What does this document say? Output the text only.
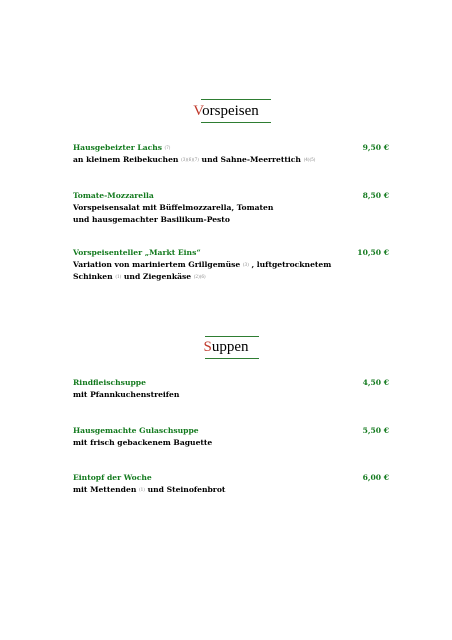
Vorspeisen
Hausgebeizter Lachs (7)	9,50 €
an kleinem Reibekuchen (3)(6)(7) und Sahne-Meerrettich (4)(5)
Tomate-Mozzarella	8,50 €
Vorspeisensalat mit Büffelmozzarella, Tomaten
und hausgemachter Basilikum-Pesto
Vorspeisenteller „Markt Eins“	10,50 €
Variation von mariniertem Grillgemüse (3) , luftgetrocknetem
Schinken (1) und Ziegenkäse (2)(6)
Suppen
Rindfleischsuppe	4,50 €
mit Pfannkuchenstreifen
Hausgemachte Gulaschsuppe	5,50 €
mit frisch gebackenem Baguette
Eintopf der Woche	6,00 €
mit Mettenden (1) und Steinofenbrot
